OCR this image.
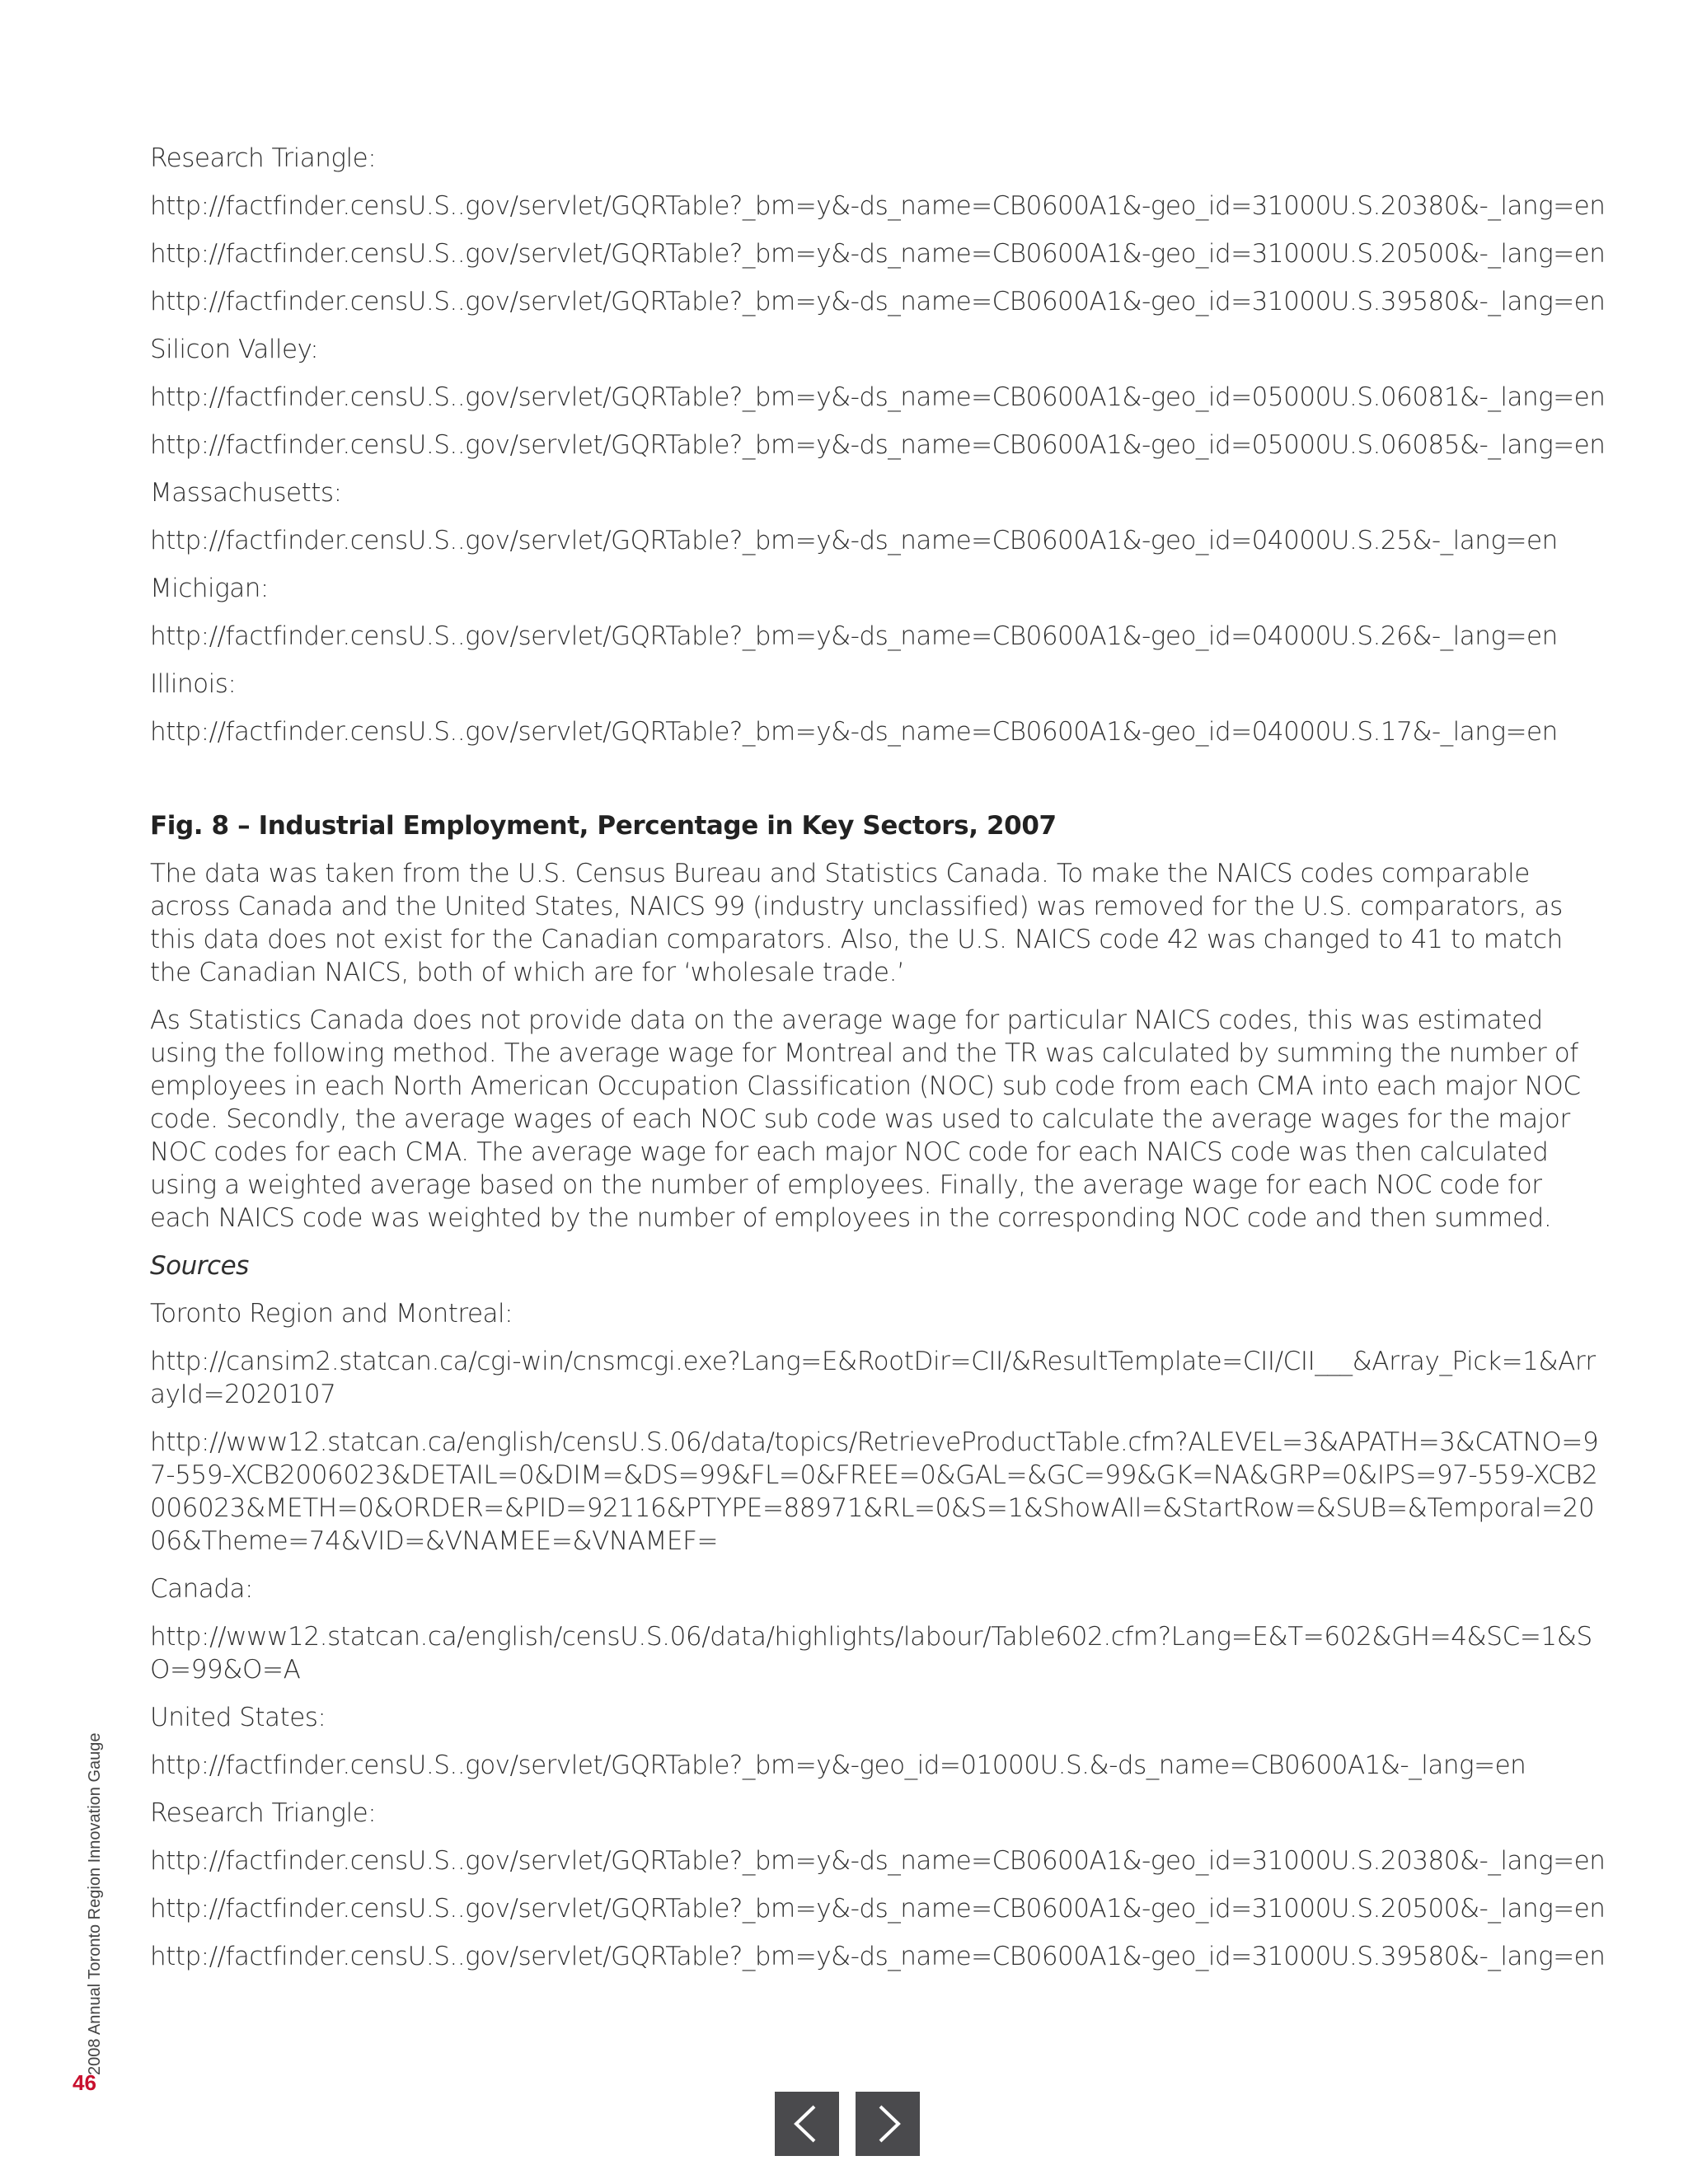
Research Triangle:
http://factfinder.censU.S..gov/servlet/GQRTable?_bm=y&-ds_name=CB0600A1&-geo_id=31000U.S.20380&-_lang=en
http://factfinder.censU.S..gov/servlet/GQRTable?_bm=y&-ds_name=CB0600A1&-geo_id=31000U.S.20500&-_lang=en
http://factfinder.censU.S..gov/servlet/GQRTable?_bm=y&-ds_name=CB0600A1&-geo_id=31000U.S.39580&-_lang=en
Silicon Valley:
http://factfinder.censU.S..gov/servlet/GQRTable?_bm=y&-ds_name=CB0600A1&-geo_id=05000U.S.06081&-_lang=en
http://factfinder.censU.S..gov/servlet/GQRTable?_bm=y&-ds_name=CB0600A1&-geo_id=05000U.S.06085&-_lang=en
Massachusetts:
http://factfinder.censU.S..gov/servlet/GQRTable?_bm=y&-ds_name=CB0600A1&-geo_id=04000U.S.25&-_lang=en
Michigan:
http://factfinder.censU.S..gov/servlet/GQRTable?_bm=y&-ds_name=CB0600A1&-geo_id=04000U.S.26&-_lang=en
Illinois:
http://factfinder.censU.S..gov/servlet/GQRTable?_bm=y&-ds_name=CB0600A1&-geo_id=04000U.S.17&-_lang=en
Fig. 8 – Industrial Employment, Percentage in Key Sectors, 2007

The data was taken from the U.S. Census Bureau and Statistics Canada. To make the NAICS codes comparable across Canada and the United States, NAICS 99 (industry unclassified) was removed for the U.S. comparators, as this data does not exist for the Canadian comparators. Also, the U.S. NAICS code 42 was changed to 41 to match the Canadian NAICS, both of which are for ‘wholesale trade.’

As Statistics Canada does not provide data on the average wage for particular NAICS codes, this was estimated using the following method. The average wage for Montreal and the TR was calculated by summing the number of employees in each North American Occupation Classification (NOC) sub code from each CMA into each major NOC code. Secondly, the average wages of each NOC sub code was used to calculate the average wages for the major NOC codes for each CMA. The average wage for each major NOC code for each NAICS code was then calculated using a weighted average based on the number of employees. Finally, the average wage for each NOC code for each NAICS code was weighted by the number of employees in the corresponding NOC code and then summed.

Sources
Toronto Region and Montreal:

http://cansim2.statcan.ca/cgi-win/cnsmcgi.exe?Lang=E&RootDir=CII/&ResultTemplate=CII/CII___&Array_Pick=1&ArrayId=2020107

http://www12.statcan.ca/english/censU.S.06/data/topics/RetrieveProductTable.cfm?ALEVEL=3&APATH=3&CATNO=97-559-XCB2006023&DETAIL=0&DIM=&DS=99&FL=0&FREE=0&GAL=&GC=99&GK=NA&GRP=0&IPS=97-559-XCB2006023&METH=0&ORDER=&PID=92116&PTYPE=88971&RL=0&S=1&ShowAll=&StartRow=&SUB=&Temporal=2006&Theme=74&VID=&VNAMEE=&VNAMEF=

Canada:

http://www12.statcan.ca/english/censU.S.06/data/highlights/labour/Table602.cfm?Lang=E&T=602&GH=4&SC=1&SO=99&O=A

United States:
http://factfinder.censU.S..gov/servlet/GQRTable?_bm=y&-geo_id=01000U.S.&-ds_name=CB0600A1&-_lang=en
Research Triangle:
http://factfinder.censU.S..gov/servlet/GQRTable?_bm=y&-ds_name=CB0600A1&-geo_id=31000U.S.20380&-_lang=en
http://factfinder.censU.S..gov/servlet/GQRTable?_bm=y&-ds_name=CB0600A1&-geo_id=31000U.S.20500&-_lang=en
http://factfinder.censU.S..gov/servlet/GQRTable?_bm=y&-ds_name=CB0600A1&-geo_id=31000U.S.39580&-_lang=en
2008 Annual Toronto Region Innovation Gauge
46
